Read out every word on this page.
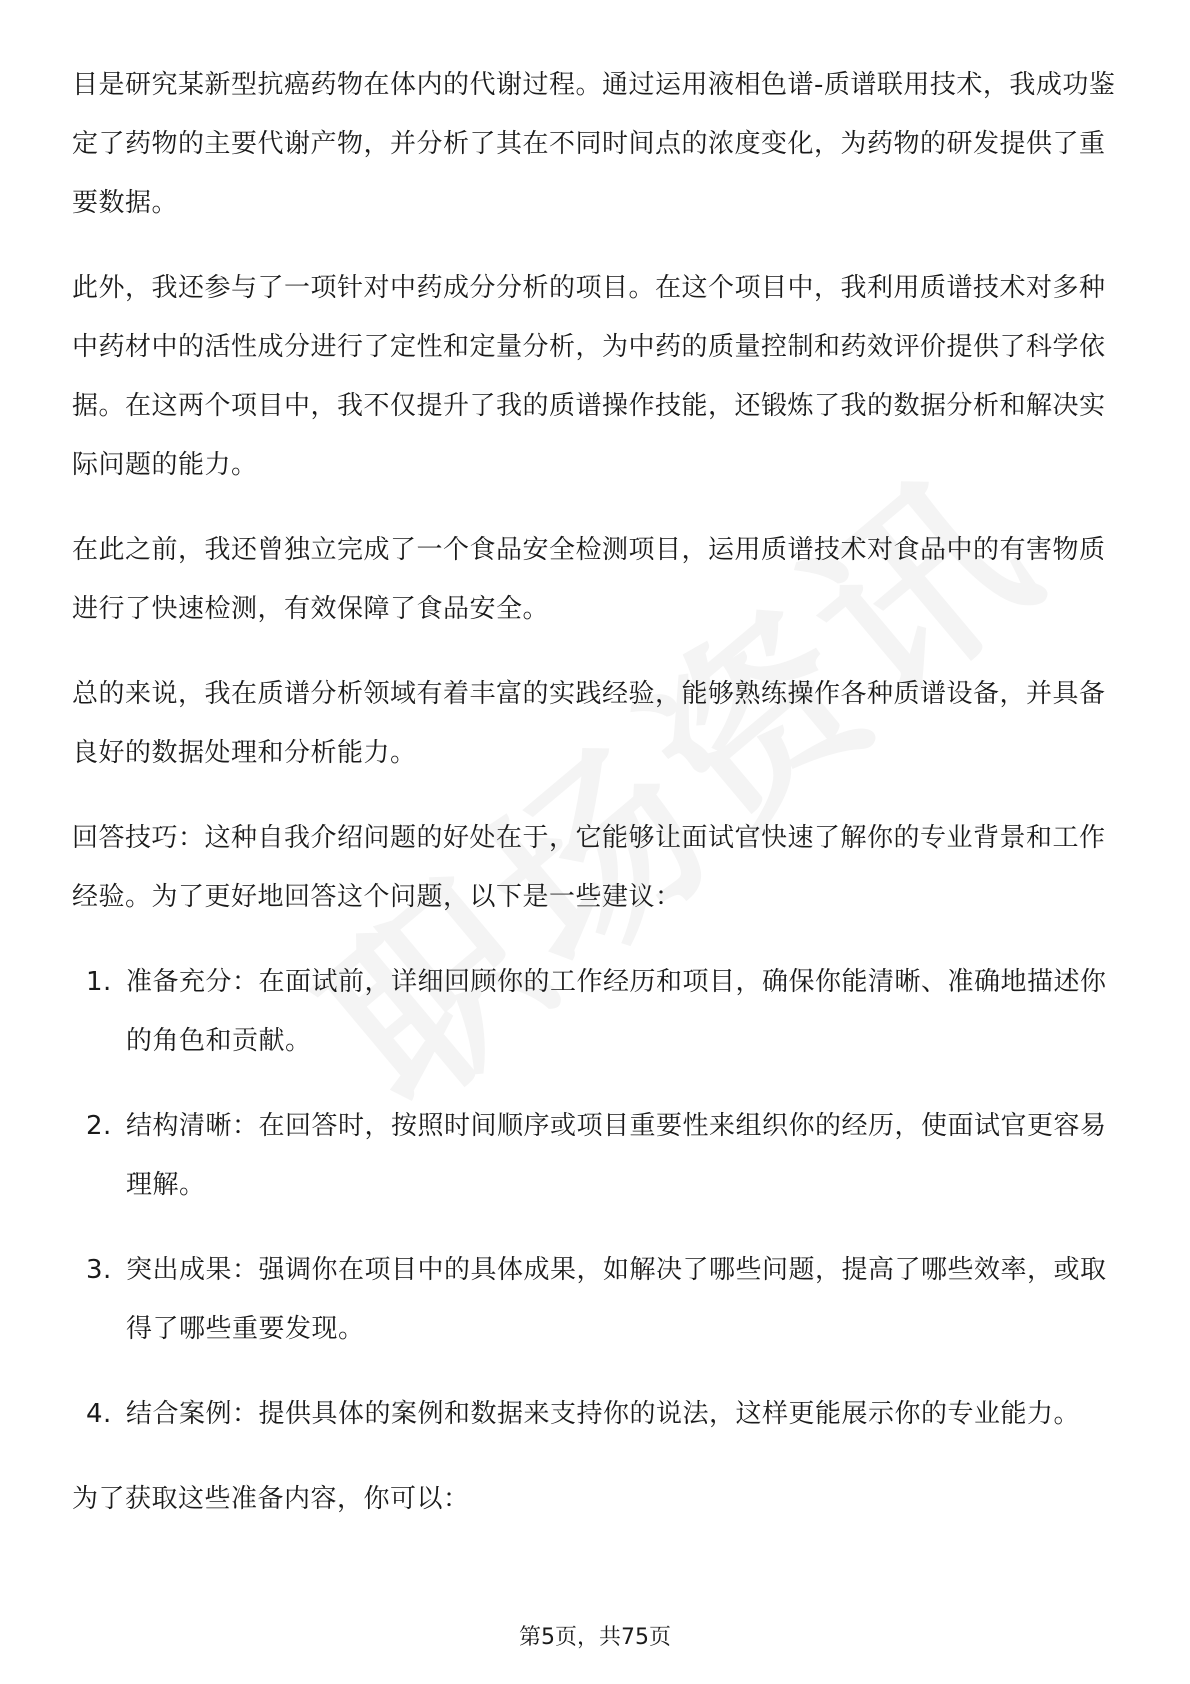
目是研究某新型抗癌药物在体内的代谢过程。通过运用液相色谱-质谱联用技术，我成功鉴定了药物的主要代谢产物，并分析了其在不同时间点的浓度变化，为药物的研发提供了重要数据。

此外，我还参与了一项针对中药成分分析的项目。在这个项目中，我利用质谱技术对多种中药材中的活性成分进行了定性和定量分析，为中药的质量控制和药效评价提供了科学依据。在这两个项目中，我不仅提升了我的质谱操作技能，还锻炼了我的数据分析和解决实际问题的能力。

在此之前，我还曾独立完成了一个食品安全检测项目，运用质谱技术对食品中的有害物质进行了快速检测，有效保障了食品安全。

总的来说，我在质谱分析领域有着丰富的实践经验，能够熟练操作各种质谱设备，并具备良好的数据处理和分析能力。

回答技巧：这种自我介绍问题的好处在于，它能够让面试官快速了解你的专业背景和工作经验。为了更好地回答这个问题，以下是一些建议：

1. 准备充分：在面试前，详细回顾你的工作经历和项目，确保你能清晰、准确地描述你的角色和贡献。
2. 结构清晰：在回答时，按照时间顺序或项目重要性来组织你的经历，使面试官更容易理解。
3. 突出成果：强调你在项目中的具体成果，如解决了哪些问题，提高了哪些效率，或取得了哪些重要发现。
4. 结合案例：提供具体的案例和数据来支持你的说法，这样更能展示你的专业能力。

为了获取这些准备内容，你可以：

第5页，共75页
